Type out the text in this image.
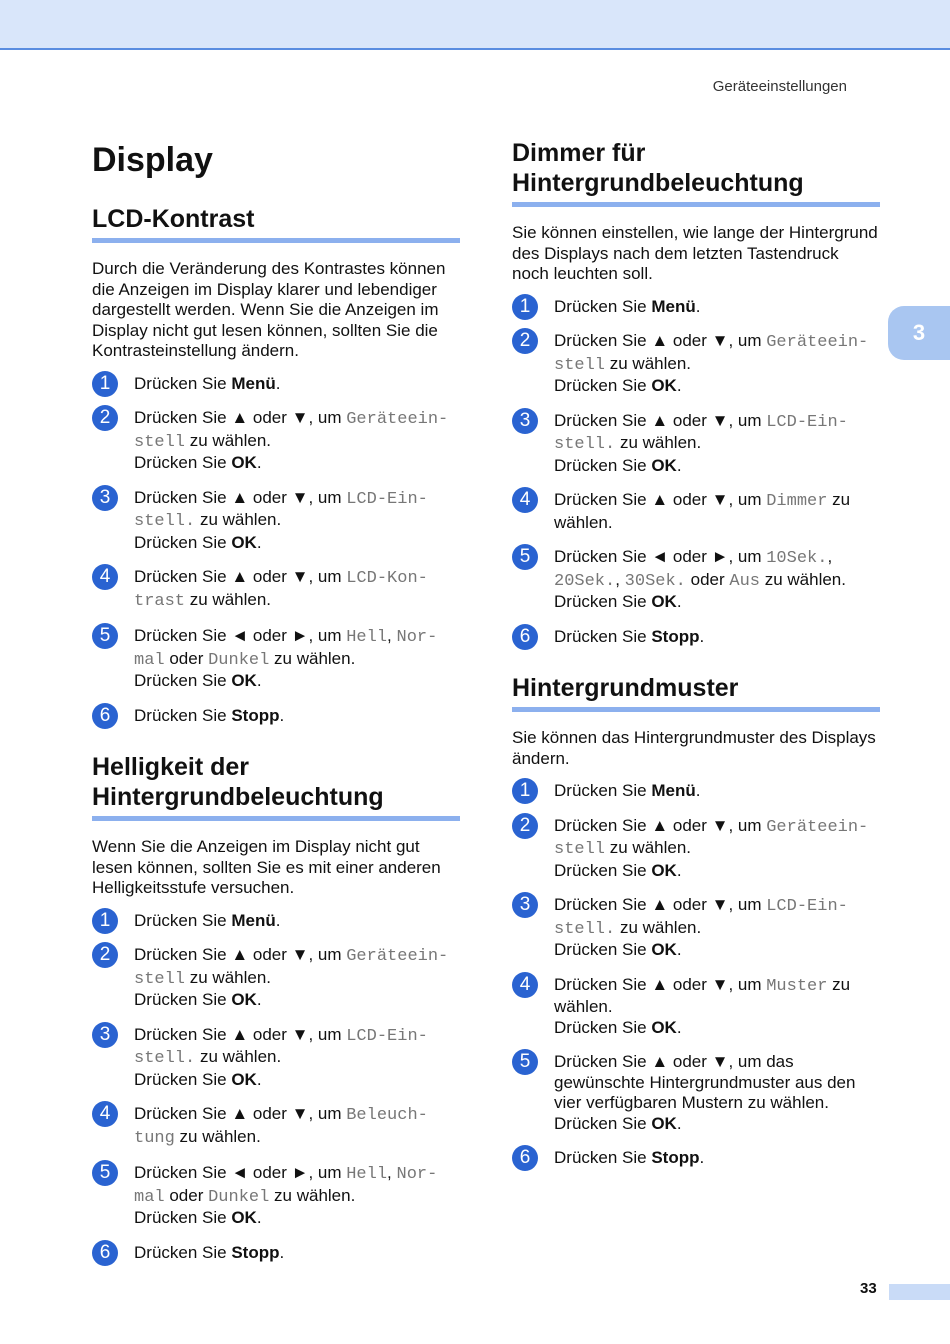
Geräteeinstellungen
3
Display
LCD-Kontrast

Durch die Veränderung des Kontrastes können die Anzeigen im Display klarer und lebendiger dargestellt werden. Wenn Sie die Anzeigen im Display nicht gut lesen können, sollten Sie die Kontrasteinstellung ändern.

1	Drücken Sie Menü.
2	Drücken Sie ▲ oder ▼, um Geräteein-
stell zu wählen.
Drücken Sie OK.
3	Drücken Sie ▲ oder ▼, um LCD-Ein-
stell. zu wählen.
Drücken Sie OK.
4	Drücken Sie ▲ oder ▼, um LCD-Kon-
trast zu wählen.
5	Drücken Sie ◄ oder ►, um Hell, Nor-
mal oder Dunkel zu wählen.
Drücken Sie OK.
6	Drücken Sie Stopp.
Helligkeit der Hintergrundbeleuchtung

Wenn Sie die Anzeigen im Display nicht gut lesen können, sollten Sie es mit einer anderen Helligkeitsstufe versuchen.

1	Drücken Sie Menü.
2	Drücken Sie ▲ oder ▼, um Geräteein-
stell zu wählen.
Drücken Sie OK.
3	Drücken Sie ▲ oder ▼, um LCD-Ein-
stell. zu wählen.
Drücken Sie OK.
4	Drücken Sie ▲ oder ▼, um Beleuch-
tung zu wählen.
5	Drücken Sie ◄ oder ►, um Hell, Nor-
mal oder Dunkel zu wählen.
Drücken Sie OK.
6	Drücken Sie Stopp.
Dimmer für Hintergrundbeleuchtung

Sie können einstellen, wie lange der Hintergrund des Displays nach dem letzten Tastendruck noch leuchten soll.

1	Drücken Sie Menü.
2	Drücken Sie ▲ oder ▼, um Geräteein-
stell zu wählen.
Drücken Sie OK.
3	Drücken Sie ▲ oder ▼, um LCD-Ein-
stell. zu wählen.
Drücken Sie OK.
4	Drücken Sie ▲ oder ▼, um Dimmer zu
wählen.
5	Drücken Sie ◄ oder ►, um 10Sek.,
20Sek., 30Sek. oder Aus zu wählen.
Drücken Sie OK.
6	Drücken Sie Stopp.
Hintergrundmuster

Sie können das Hintergrundmuster des Displays ändern.

1	Drücken Sie Menü.
2	Drücken Sie ▲ oder ▼, um Geräteein-
stell zu wählen.
Drücken Sie OK.
3	Drücken Sie ▲ oder ▼, um LCD-Ein-
stell. zu wählen.
Drücken Sie OK.
4	Drücken Sie ▲ oder ▼, um Muster zu
wählen.
Drücken Sie OK.
5	Drücken Sie ▲ oder ▼, um das gewünschte Hintergrundmuster aus den vier verfügbaren Mustern zu wählen.
Drücken Sie OK.
6	Drücken Sie Stopp.
33
